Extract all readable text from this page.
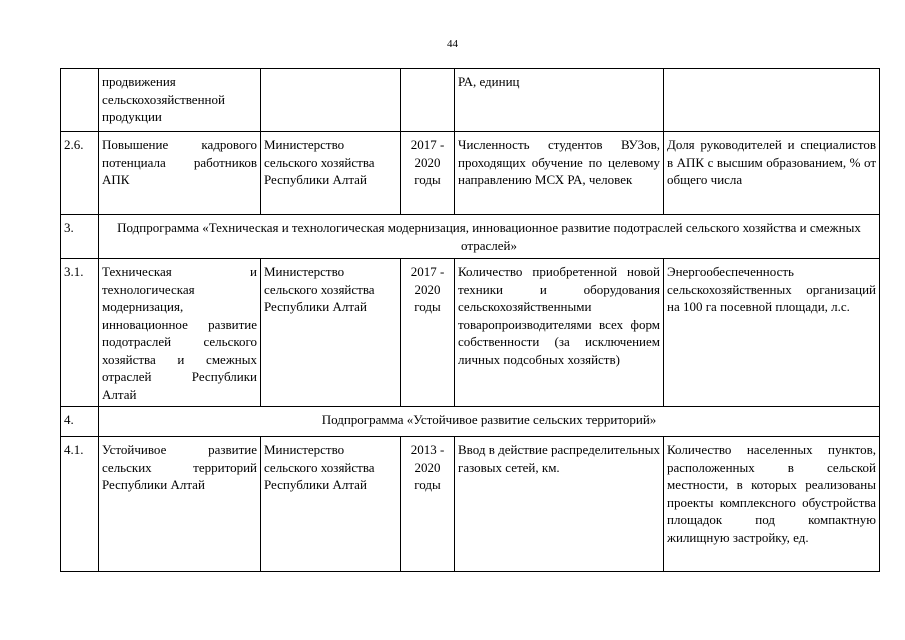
44
	продвижения сельскохозяйственной продукции			РА, единиц	
2.6.	Повышение кадрового потенциала работников АПК	Министерство сельского хозяйства Республики Алтай	2017 - 2020 годы	Численность студентов ВУЗов, проходящих обучение по целевому направлению МСХ РА, человек	Доля руководителей и специалистов в АПК с высшим образованием, % от общего числа
3.	Подпрограмма «Техническая и технологическая модернизация, инновационное развитие подотраслей сельского хозяйства и смежных отраслей»				
3.1.	Техническая и технологическая модернизация, инновационное развитие подотраслей сельского хозяйства и смежных отраслей Республики Алтай	Министерство сельского хозяйства Республики Алтай	2017 - 2020 годы	Количество приобретенной новой техники и оборудования сельскохозяйственными товаропроизводителями всех форм собственности (за исключением личных подсобных хозяйств)	Энергообеспеченность сельскохозяйственных организаций на 100 га посевной площади, л.с.
4.	Подпрограмма «Устойчивое развитие сельских территорий»				
4.1.	Устойчивое развитие сельских территорий Республики Алтай	Министерство сельского хозяйства Республики Алтай	2013 - 2020 годы	Ввод в действие распределительных газовых сетей, км.	Количество населенных пунктов, расположенных в сельской местности, в которых реализованы проекты комплексного обустройства площадок под компактную жилищную застройку, ед.
